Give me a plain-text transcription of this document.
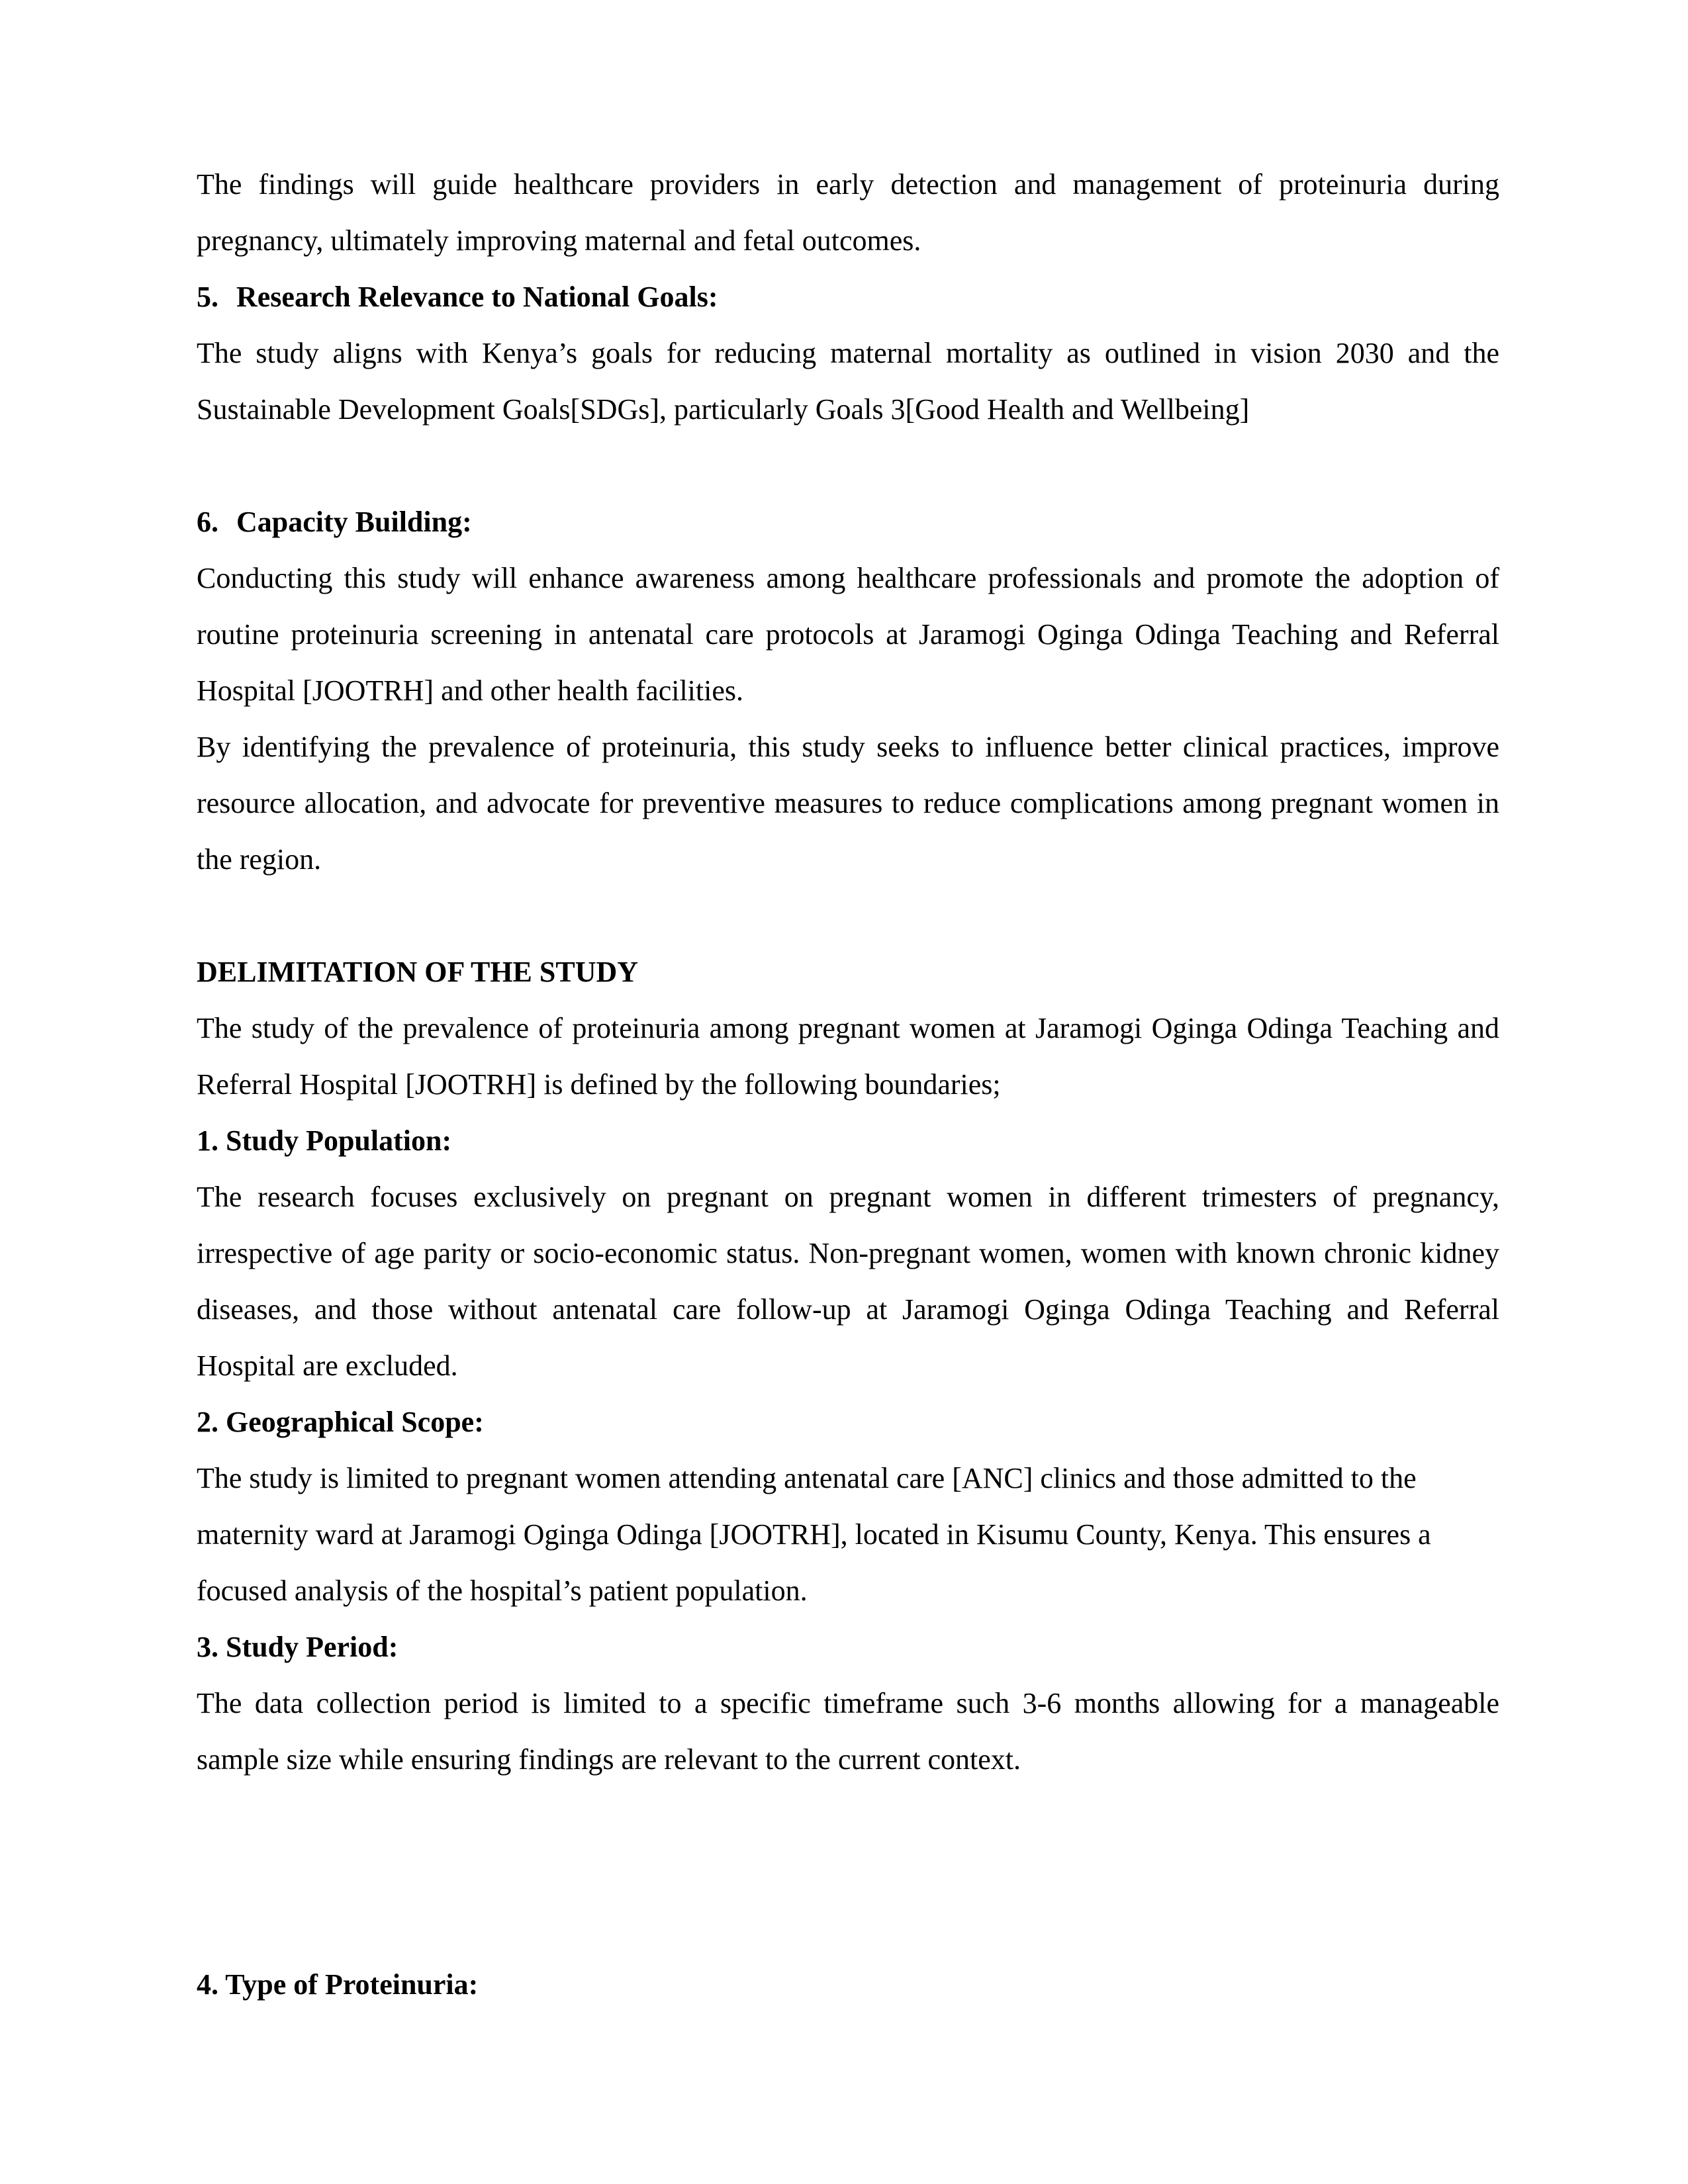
The findings will guide healthcare providers in early detection and management of proteinuria during pregnancy, ultimately improving maternal and fetal outcomes.

5. Research Relevance to National Goals:

The study aligns with Kenya’s goals for reducing maternal mortality as outlined in vision 2030 and the Sustainable Development Goals[SDGs], particularly Goals 3[Good Health and Wellbeing]

6. Capacity Building:

Conducting this study will enhance awareness among healthcare professionals and promote the adoption of routine proteinuria screening in antenatal care protocols at Jaramogi Oginga Odinga Teaching and Referral Hospital [JOOTRH] and other health facilities.

By identifying the prevalence of proteinuria, this study seeks to influence better clinical practices, improve resource allocation, and advocate for preventive measures to reduce complications among pregnant women in the region.

DELIMITATION OF THE STUDY

The study of the prevalence of proteinuria among pregnant women at Jaramogi Oginga Odinga Teaching and Referral Hospital [JOOTRH] is defined by the following boundaries;

1. Study Population:

The research focuses exclusively on pregnant on pregnant women in different trimesters of pregnancy, irrespective of age parity or socio-economic status. Non-pregnant women, women with known chronic kidney diseases, and those without antenatal care follow-up at Jaramogi Oginga Odinga Teaching and Referral Hospital are excluded.

2. Geographical Scope:

The study is limited to pregnant women attending antenatal care [ANC] clinics and those admitted to the maternity ward at Jaramogi Oginga Odinga [JOOTRH], located in Kisumu County, Kenya. This ensures a focused analysis of the hospital’s patient population.

3. Study Period:

The data collection period is limited to a specific timeframe such 3-6 months allowing for a manageable sample size while ensuring findings are relevant to the current context.

4. Type of Proteinuria:
